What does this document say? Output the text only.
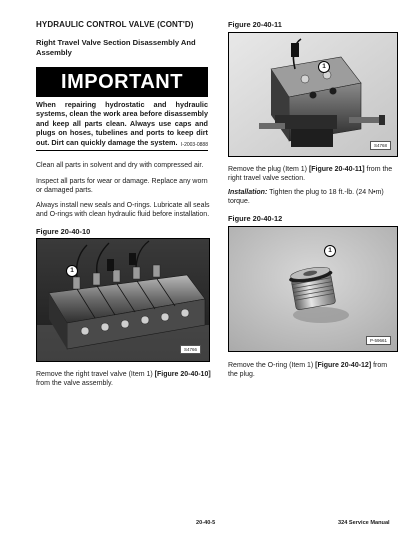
HYDRAULIC CONTROL VALVE (CONT'D)
Right Travel Valve Section Disassembly And Assembly
IMPORTANT
When repairing hydrostatic and hydraulic systems, clean the work area before disassembly and keep all parts clean. Always use caps and plugs on hoses, tubelines and ports to keep dirt out. Dirt can quickly damage the system. I-2003-0888
Clean all parts in solvent and dry with compressed air.
Inspect all parts for wear or damage. Replace any worn or damaged parts.
Always install new seals and O-rings. Lubricate all seals and O-rings with clean hydraulic fluid before installation.
Figure 20-40-10
S4766
1
Remove the right travel valve (Item 1) [Figure 20-40-10] from the valve assembly.
Figure 20-40-11
S4768
1
Remove the plug (Item 1) [Figure 20-40-11] from the right travel valve section.
Installation: Tighten the plug to 18 ft.-lb. (24 N•m) torque.
Figure 20-40-12
P-59661
1
Remove the O-ring (Item 1) [Figure 20-40-12] from the plug.
20-40-5	324 Service Manual
